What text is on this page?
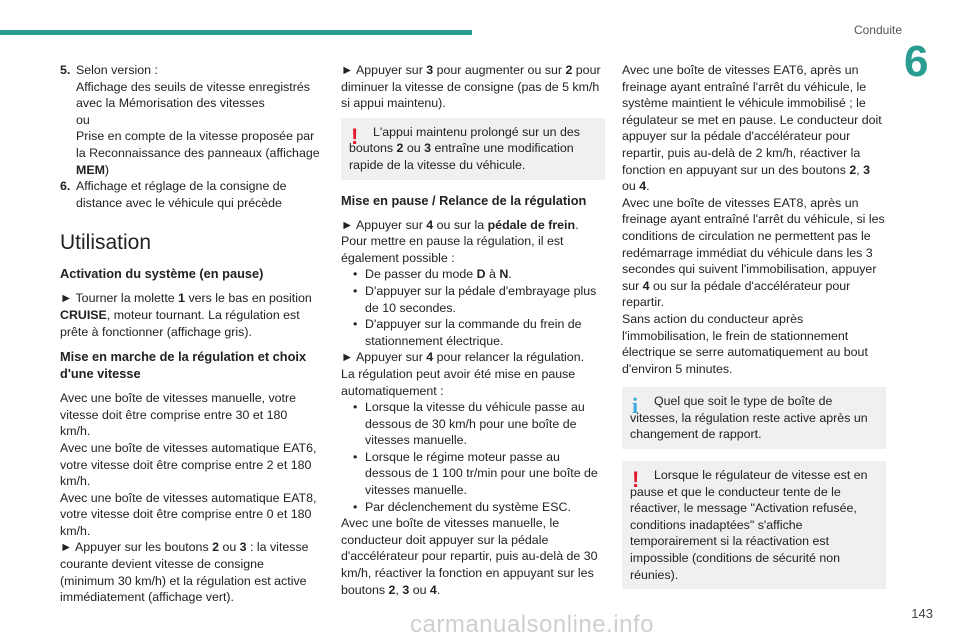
Conduite
6
5. Selon version :

Affichage des seuils de vitesse enregistrés avec la Mémorisation des vitesses

ou

Prise en compte de la vitesse proposée par la Reconnaissance des panneaux (affichage MEM)

6. Affichage et réglage de la consigne de distance avec le véhicule qui précède

Utilisation
Activation du système (en pause)

► Tourner la molette 1 vers le bas en position CRUISE, moteur tournant. La régulation est prête à fonctionner (affichage gris).

Mise en marche de la régulation et choix d'une vitesse

Avec une boîte de vitesses manuelle, votre vitesse doit être comprise entre 30 et 180 km/h.

Avec une boîte de vitesses automatique EAT6, votre vitesse doit être comprise entre 2 et 180 km/h.

Avec une boîte de vitesses automatique EAT8, votre vitesse doit être comprise entre 0 et 180 km/h.

► Appuyer sur les boutons 2 ou 3 : la vitesse courante devient vitesse de consigne (minimum 30 km/h) et la régulation est active immédiatement (affichage vert).

► Appuyer sur 3 pour augmenter ou sur 2 pour diminuer la vitesse de consigne (pas de 5 km/h si appui maintenu).

!	L'appui maintenu prolongé sur un des boutons 2 ou 3 entraîne une modification rapide de la vitesse du véhicule.

Mise en pause / Relance de la régulation

► Appuyer sur 4 ou sur la pédale de frein.

Pour mettre en pause la régulation, il est également possible :

• De passer du mode D à N.
• D'appuyer sur la pédale d'embrayage plus de 10 secondes.
• D'appuyer sur la commande du frein de stationnement électrique.

► Appuyer sur 4 pour relancer la régulation.

La régulation peut avoir été mise en pause automatiquement :

• Lorsque la vitesse du véhicule passe au dessous de 30 km/h pour une boîte de vitesses manuelle.
• Lorsque le régime moteur passe au dessous de 1 100 tr/min pour une boîte de vitesses manuelle.
• Par déclenchement du système ESC.

Avec une boîte de vitesses manuelle, le conducteur doit appuyer sur la pédale d'accélérateur pour repartir, puis au-delà de 30 km/h, réactiver la fonction en appuyant sur les boutons 2, 3 ou 4.

Avec une boîte de vitesses EAT6, après un freinage ayant entraîné l'arrêt du véhicule, le système maintient le véhicule immobilisé ; le régulateur se met en pause. Le conducteur doit appuyer sur la pédale d'accélérateur pour repartir, puis au-delà de 2 km/h, réactiver la fonction en appuyant sur un des boutons 2, 3 ou 4.

Avec une boîte de vitesses EAT8, après un freinage ayant entraîné l'arrêt du véhicule, si les conditions de circulation ne permettent pas le redémarrage immédiat du véhicule dans les 3 secondes qui suivent l'immobilisation, appuyer sur 4 ou sur la pédale d'accélérateur pour repartir.

Sans action du conducteur après l'immobilisation, le frein de stationnement électrique se serre automatiquement au bout d'environ 5 minutes.

i	Quel que soit le type de boîte de vitesses, la régulation reste active après un changement de rapport.

!	Lorsque le régulateur de vitesse est en pause et que le conducteur tente de le réactiver, le message "Activation refusée, conditions inadaptées" s'affiche temporairement si la réactivation est impossible (conditions de sécurité non réunies).

143
carmanualsonline.info
